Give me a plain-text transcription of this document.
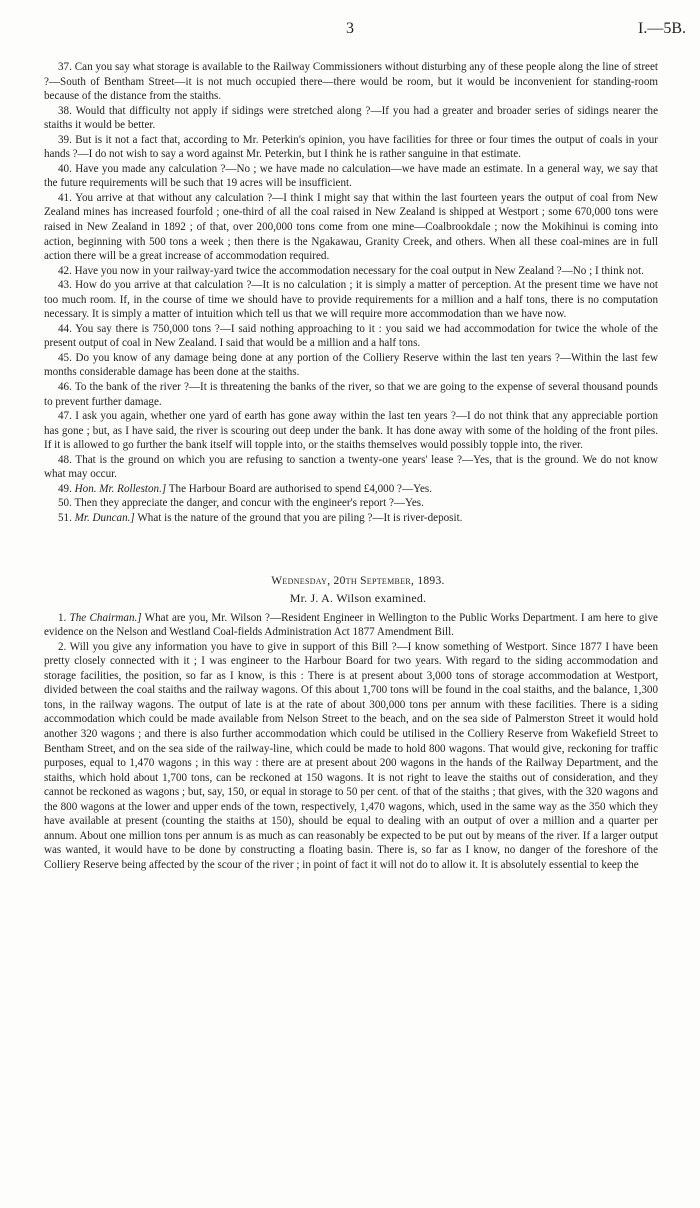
3	I.—5B.

37. Can you say what storage is available to the Railway Commissioners without disturbing any of these people along the line of street ?—South of Bentham Street—it is not much occupied there—there would be room, but it would be inconvenient for standing-room because of the distance from the staiths.

38. Would that difficulty not apply if sidings were stretched along ?—If you had a greater and broader series of sidings nearer the staiths it would be better.

39. But is it not a fact that, according to Mr. Peterkin's opinion, you have facilities for three or four times the output of coals in your hands ?—I do not wish to say a word against Mr. Peterkin, but I think he is rather sanguine in that estimate.

40. Have you made any calculation ?—No ; we have made no calculation—we have made an estimate. In a general way, we say that the future requirements will be such that 19 acres will be insufficient.

41. You arrive at that without any calculation ?—I think I might say that within the last fourteen years the output of coal from New Zealand mines has increased fourfold ; one-third of all the coal raised in New Zealand is shipped at Westport ; some 670,000 tons were raised in New Zealand in 1892 ; of that, over 200,000 tons come from one mine—Coalbrookdale ; now the Mokihinui is coming into action, beginning with 500 tons a week ; then there is the Ngakawau, Granity Creek, and others. When all these coal-mines are in full action there will be a great increase of accommodation required.

42. Have you now in your railway-yard twice the accommodation necessary for the coal output in New Zealand ?—No ; I think not.

43. How do you arrive at that calculation ?—It is no calculation ; it is simply a matter of perception. At the present time we have not too much room. If, in the course of time we should have to provide requirements for a million and a half tons, there is no computation necessary. It is simply a matter of intuition which tell us that we will require more accommodation than we have now.

44. You say there is 750,000 tons ?—I said nothing approaching to it : you said we had accommodation for twice the whole of the present output of coal in New Zealand. I said that would be a million and a half tons.

45. Do you know of any damage being done at any portion of the Colliery Reserve within the last ten years ?—Within the last few months considerable damage has been done at the staiths.

46. To the bank of the river ?—It is threatening the banks of the river, so that we are going to the expense of several thousand pounds to prevent further damage.

47. I ask you again, whether one yard of earth has gone away within the last ten years ?—I do not think that any appreciable portion has gone ; but, as I have said, the river is scouring out deep under the bank. It has done away with some of the holding of the front piles. If it is allowed to go further the bank itself will topple into, or the staiths themselves would possibly topple into, the river.

48. That is the ground on which you are refusing to sanction a twenty-one years' lease ?—Yes, that is the ground. We do not know what may occur.

49. Hon. Mr. Rolleston.] The Harbour Board are authorised to spend £4,000 ?—Yes.

50. Then they appreciate the danger, and concur with the engineer's report ?—Yes.

51. Mr. Duncan.] What is the nature of the ground that you are piling ?—It is river-deposit.

Wednesday, 20th September, 1893.

Mr. J. A. Wilson examined.

1. The Chairman.] What are you, Mr. Wilson ?—Resident Engineer in Wellington to the Public Works Department. I am here to give evidence on the Nelson and Westland Coal-fields Administration Act 1877 Amendment Bill.

2. Will you give any information you have to give in support of this Bill ?—I know something of Westport. Since 1877 I have been pretty closely connected with it ; I was engineer to the Harbour Board for two years. With regard to the siding accommodation and storage facilities, the position, so far as I know, is this : There is at present about 3,000 tons of storage accommodation at Westport, divided between the coal staiths and the railway wagons. Of this about 1,700 tons will be found in the coal staiths, and the balance, 1,300 tons, in the railway wagons. The output of late is at the rate of about 300,000 tons per annum with these facilities. There is a siding accommodation which could be made available from Nelson Street to the beach, and on the sea side of Palmerston Street it would hold another 320 wagons ; and there is also further accommodation which could be utilised in the Colliery Reserve from Wakefield Street to Bentham Street, and on the sea side of the railway-line, which could be made to hold 800 wagons. That would give, reckoning for traffic purposes, equal to 1,470 wagons ; in this way : there are at present about 200 wagons in the hands of the Railway Department, and the staiths, which hold about 1,700 tons, can be reckoned at 150 wagons. It is not right to leave the staiths out of consideration, and they cannot be reckoned as wagons ; but, say, 150, or equal in storage to 50 per cent. of that of the staiths ; that gives, with the 320 wagons and the 800 wagons at the lower and upper ends of the town, respectively, 1,470 wagons, which, used in the same way as the 350 which they have available at present (counting the staiths at 150), should be equal to dealing with an output of over a million and a quarter per annum. About one million tons per annum is as much as can reasonably be expected to be put out by means of the river. If a larger output was wanted, it would have to be done by constructing a floating basin. There is, so far as I know, no danger of the foreshore of the Colliery Reserve being affected by the scour of the river ; in point of fact it will not do to allow it. It is absolutely essential to keep the
